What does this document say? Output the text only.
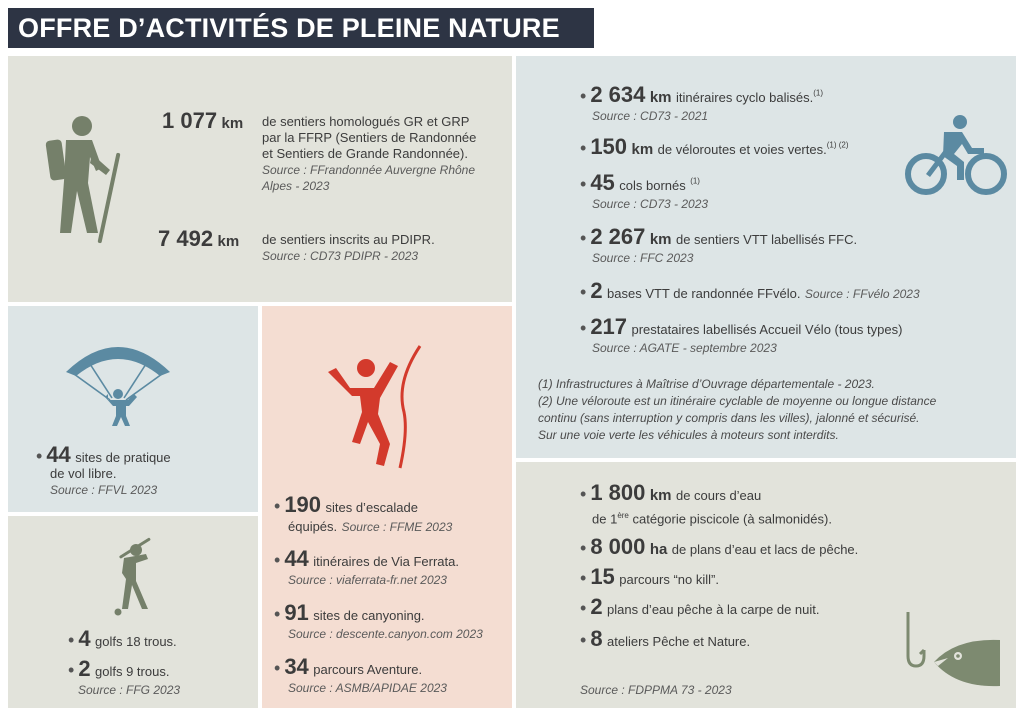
OFFRE D’ACTIVITÉS DE PLEINE NATURE
1 077 km de sentiers homologués GR et GRP
par la FFRP (Sentiers de Randonnée
et Sentiers de Grande Randonnée).
Source : FFrandonnée Auvergne Rhône
Alpes - 2023
7 492 km de sentiers inscrits au PDIPR.
Source : CD73 PDIPR - 2023
• 44 sites de pratique
de vol libre.
Source : FFVL 2023
• 4 golfs 18 trous.
• 2 golfs 9 trous.
Source : FFG 2023
• 190 sites d’escalade
équipés. Source : FFME 2023
• 44 itinéraires de Via Ferrata.
Source : viaferrata-fr.net 2023
• 91 sites de canyoning.
Source : descente.canyon.com 2023
• 34 parcours Aventure.
Source : ASMB/APIDAE 2023
• 2 634 km itinéraires cyclo balisés.$^{(1)}$
Source : CD73 - 2021
• 150 km de véloroutes et voies vertes.$^{(1) (2)}$
• 45 cols bornés $^{(1)}$
Source : CD73 - 2023
• 2 267 km de sentiers VTT labellisés FFC.
Source : FFC 2023
• 2 bases VTT de randonnée FFvélo. Source : FFvélo 2023
• 217 prestataires labellisés Accueil Vélo (tous types)
Source : AGATE - septembre 2023
(1) Infrastructures à Maîtrise d’Ouvrage départementale - 2023.
(2) Une véloroute est un itinéraire cyclable de moyenne ou longue distance
continu (sans interruption y compris dans les villes), jalonné et sécurisé.
Sur une voie verte les véhicules à moteurs sont interdits.
• 1 800 km de cours d’eau
de 1ère catégorie piscicole (à salmonidés).
• 8 000 ha de plans d’eau et lacs de pêche.
• 15 parcours “no kill”.
• 2 plans d’eau pêche à la carpe de nuit.
• 8 ateliers Pêche et Nature.
Source : FDPPMA 73 - 2023
